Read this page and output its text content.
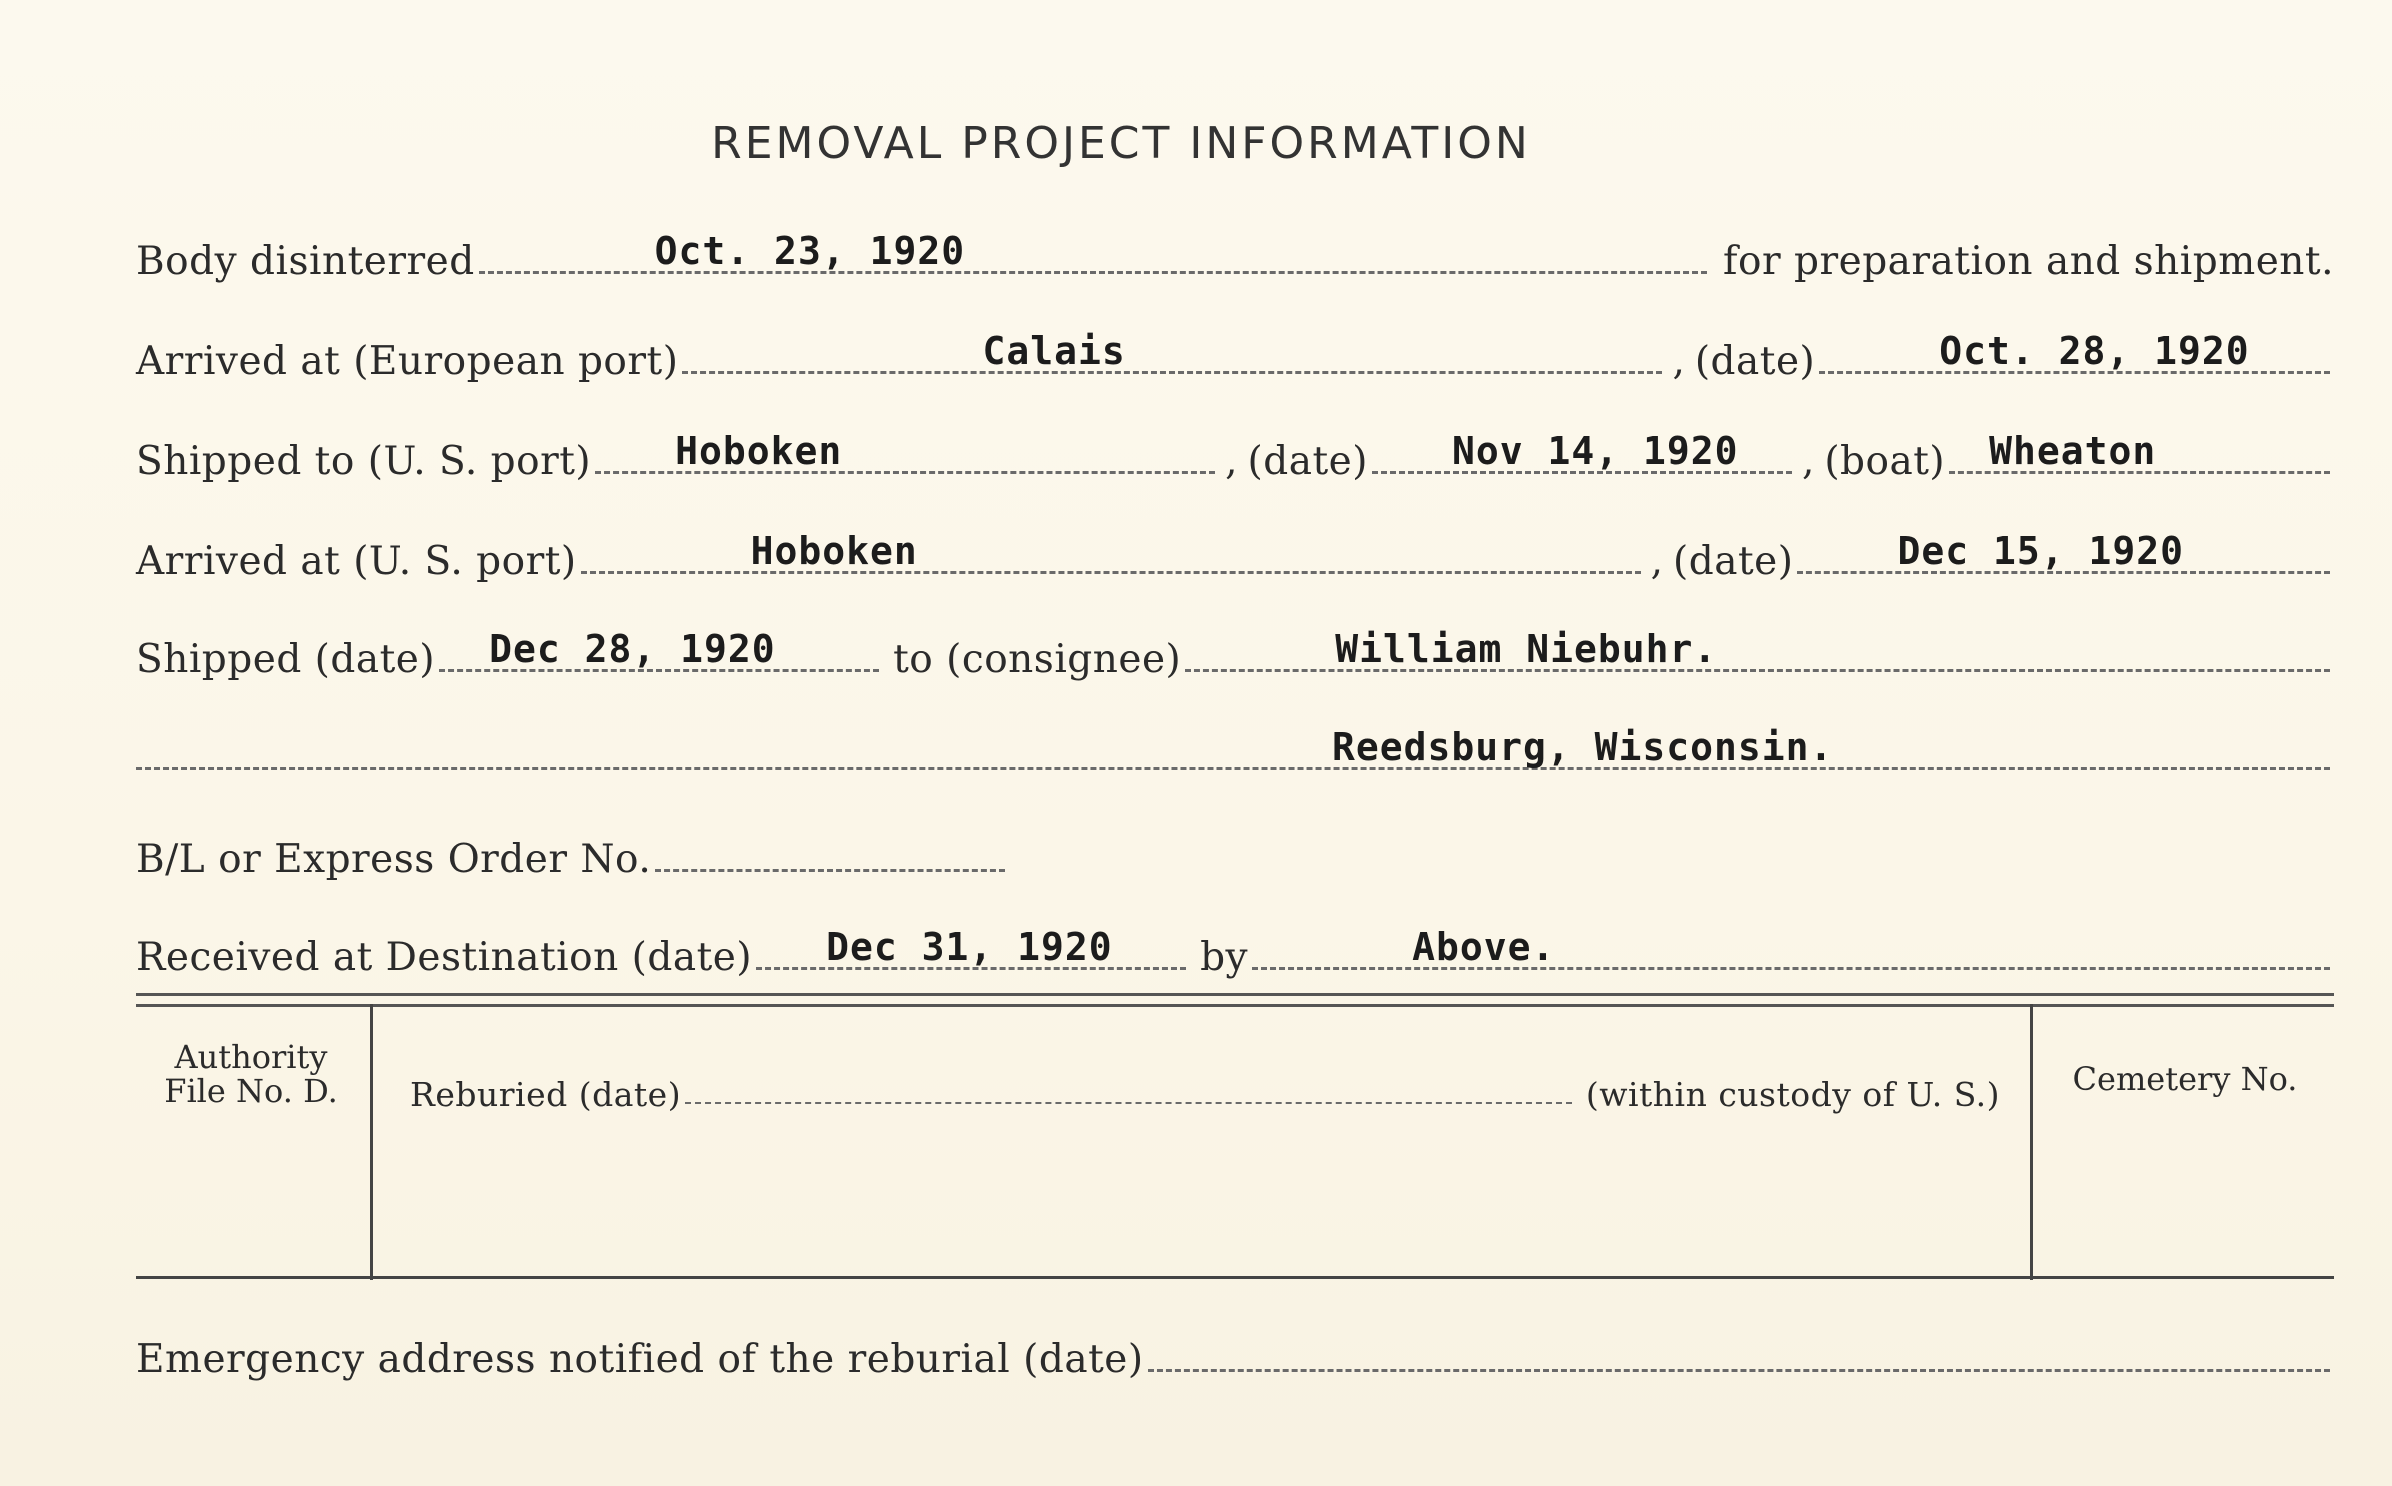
REMOVAL PROJECT INFORMATION
Body disinterred	Oct. 23, 1920	for preparation and shipment.
Arrived at (European port)	Calais	, (date)	Oct. 28, 1920
Shipped to (U. S. port) Hoboken	, (date) Nov 14, 1920 , (boat) Wheaton
Arrived at (U. S. port)	Hoboken	, (date)	Dec 15, 1920
Shipped (date) Dec 28, 1920	to (consignee)	William Niebuhr.
Reedsburg, Wisconsin.
B/L or Express Order No.
Received at Destination (date) Dec 31, 1920 by	Above.
Authority
File No. D.	Reburied (date)	(within custody of U. S.)	Cemetery No.
Emergency address notified of the reburial (date)
